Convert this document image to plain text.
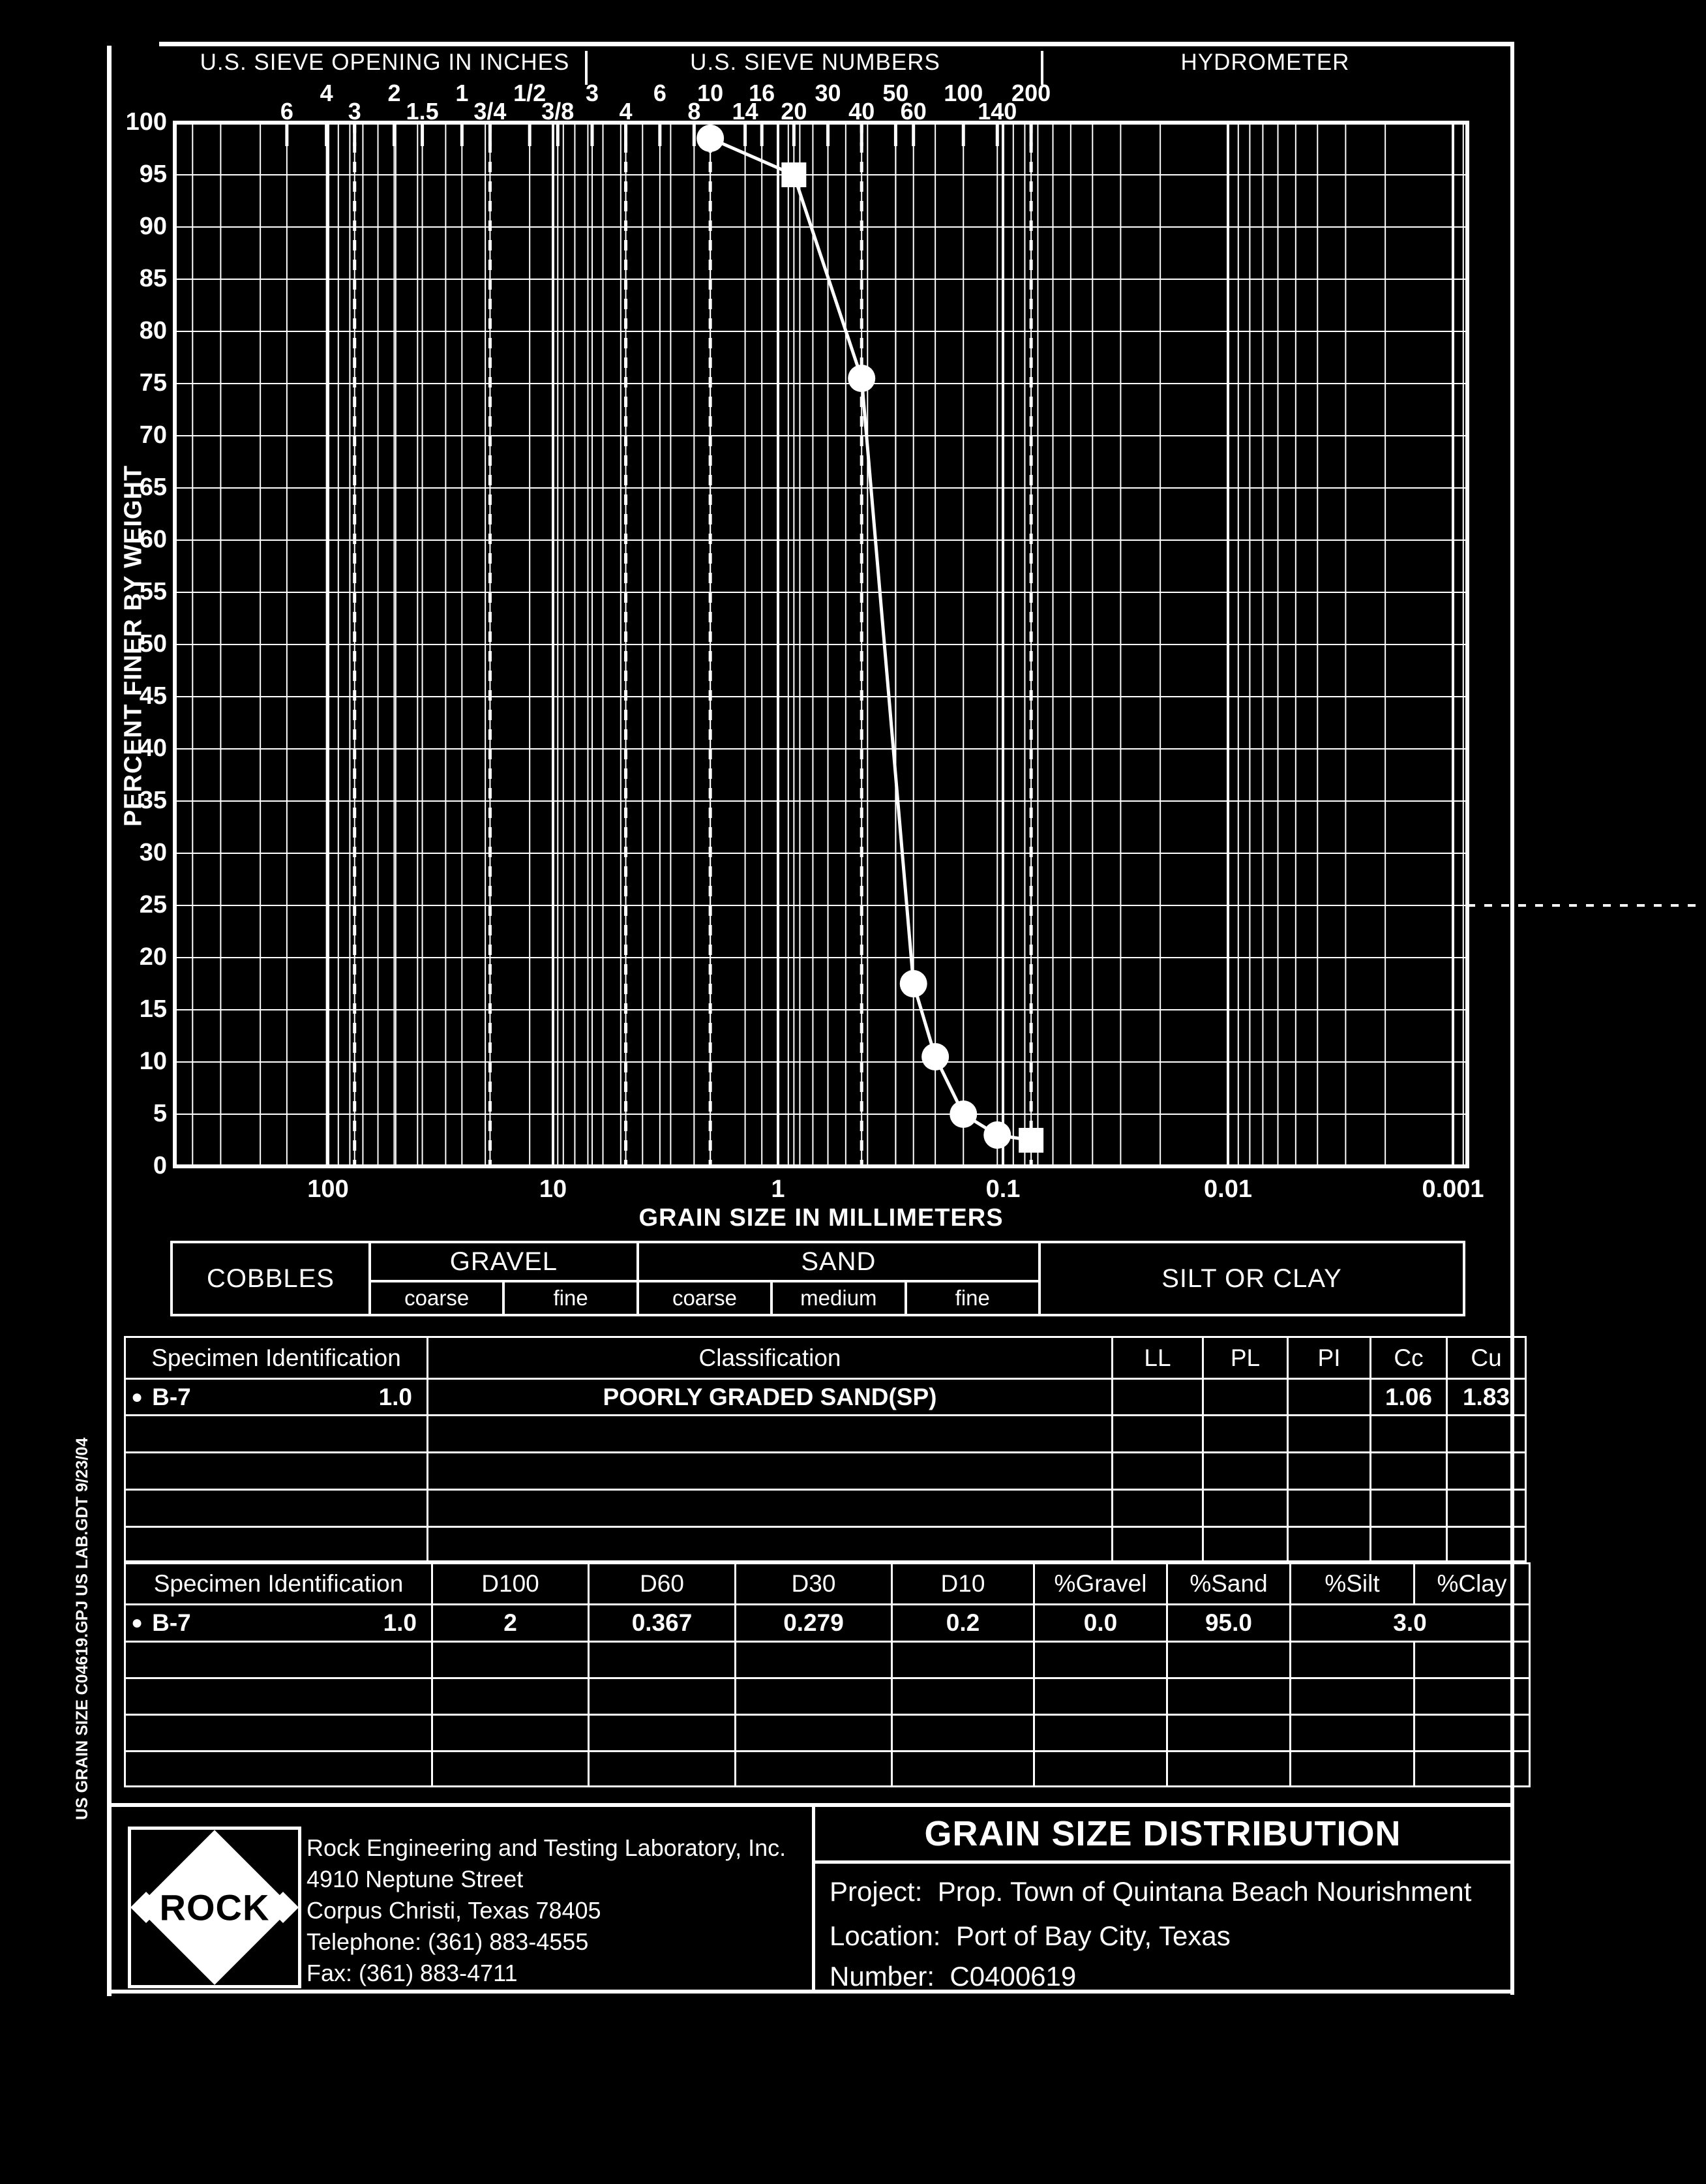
U.S. SIEVE OPENING IN INCHES	U.S. SIEVE NUMBERS	HYDROMETER
6
4
3
2
1.5
1
3/4
1/2
3/8
3
4
6
8
10
14
16
20
30
40
50
60
100
140
200
100
95
90
85
80
75
70
65
60
55
50
45
40
35
30
25
20
15
10
5
0
100	10	1	0.1	0.01	0.001
PERCENT FINER BY WEIGHT
GRAIN SIZE IN MILLIMETERS
COBBLES	GRAVEL		SAND			SILT OR CLAY
	coarse	fine	coarse	medium	fine	
Specimen Identification	Classification	LL	PL	PI	Cc	Cu

● B-7 1.0	POORLY GRADED SAND(SP)				1.06	1.83

Specimen Identification	D100	D60	D30	D10	%Gravel	%Sand	%Silt	%Clay

● B-7 1.0	2	0.367	0.279	0.2	0.0	95.0	3.0	

ROCK
Rock Engineering and Testing Laboratory, Inc.
4910 Neptune Street
Corpus Christi, Texas 78405
Telephone: (361) 883-4555
Fax: (361) 883-4711
GRAIN SIZE DISTRIBUTION
Project: Prop. Town of Quintana Beach Nourishment
Location: Port of Bay City, Texas
Number: C0400619
US GRAIN SIZE C04619.GPJ US LAB.GDT 9/23/04
